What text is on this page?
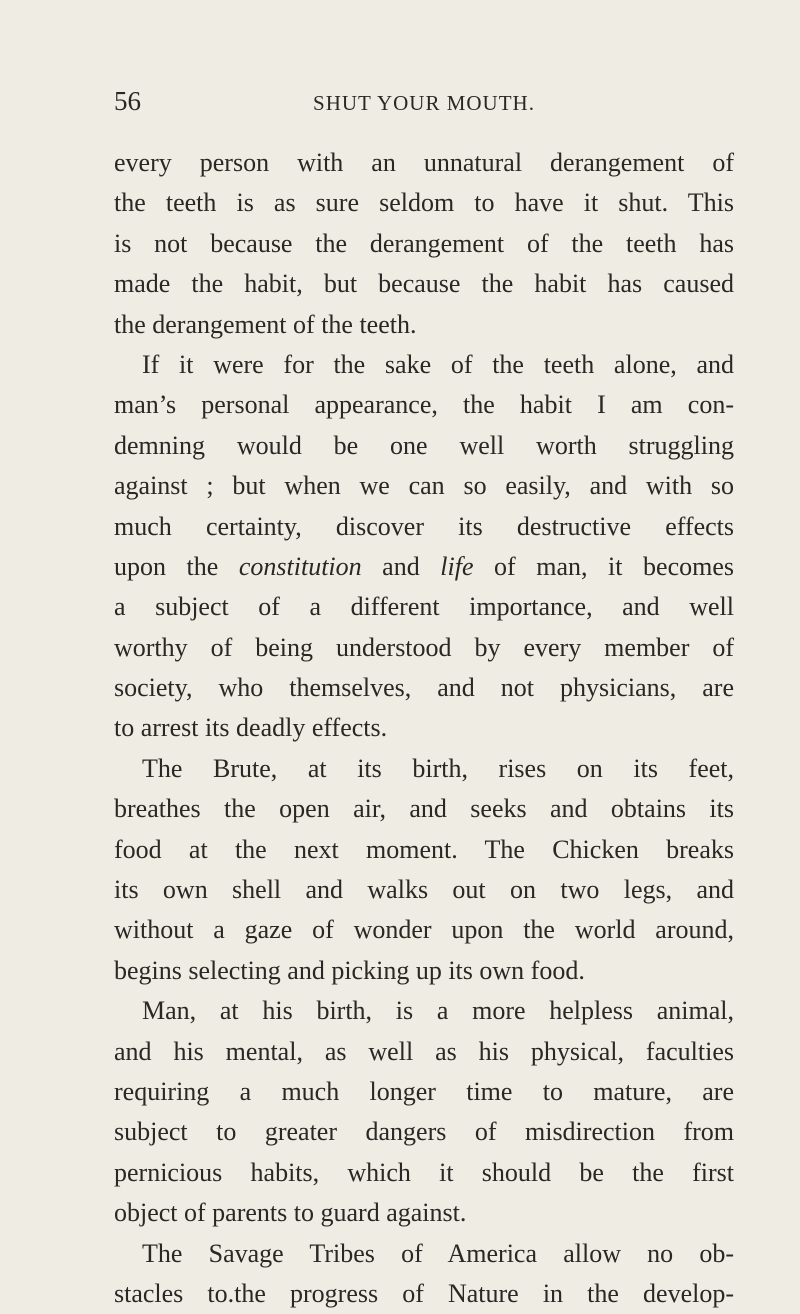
56	SHUT YOUR MOUTH.
every person with an unnatural derangement of
the teeth is as sure seldom to have it shut. This
is not because the derangement of the teeth has
made the habit, but because the habit has caused
the derangement of the teeth.
If it were for the sake of the teeth alone, and
man’s personal appearance, the habit I am con-
demning would be one well worth struggling
against ; but when we can so easily, and with so
much certainty, discover its destructive effects
upon the constitution and life of man, it becomes
a subject of a different importance, and well
worthy of being understood by every member of
society, who themselves, and not physicians, are
to arrest its deadly effects.
The Brute, at its birth, rises on its feet,
breathes the open air, and seeks and obtains its
food at the next moment. The Chicken breaks
its own shell and walks out on two legs, and
without a gaze of wonder upon the world around,
begins selecting and picking up its own food.
Man, at his birth, is a more helpless animal,
and his mental, as well as his physical, faculties
requiring a much longer time to mature, are
subject to greater dangers of misdirection from
pernicious habits, which it should be the first
object of parents to guard against.
The Savage Tribes of America allow no ob-
stacles to.the progress of Nature in the develop-
